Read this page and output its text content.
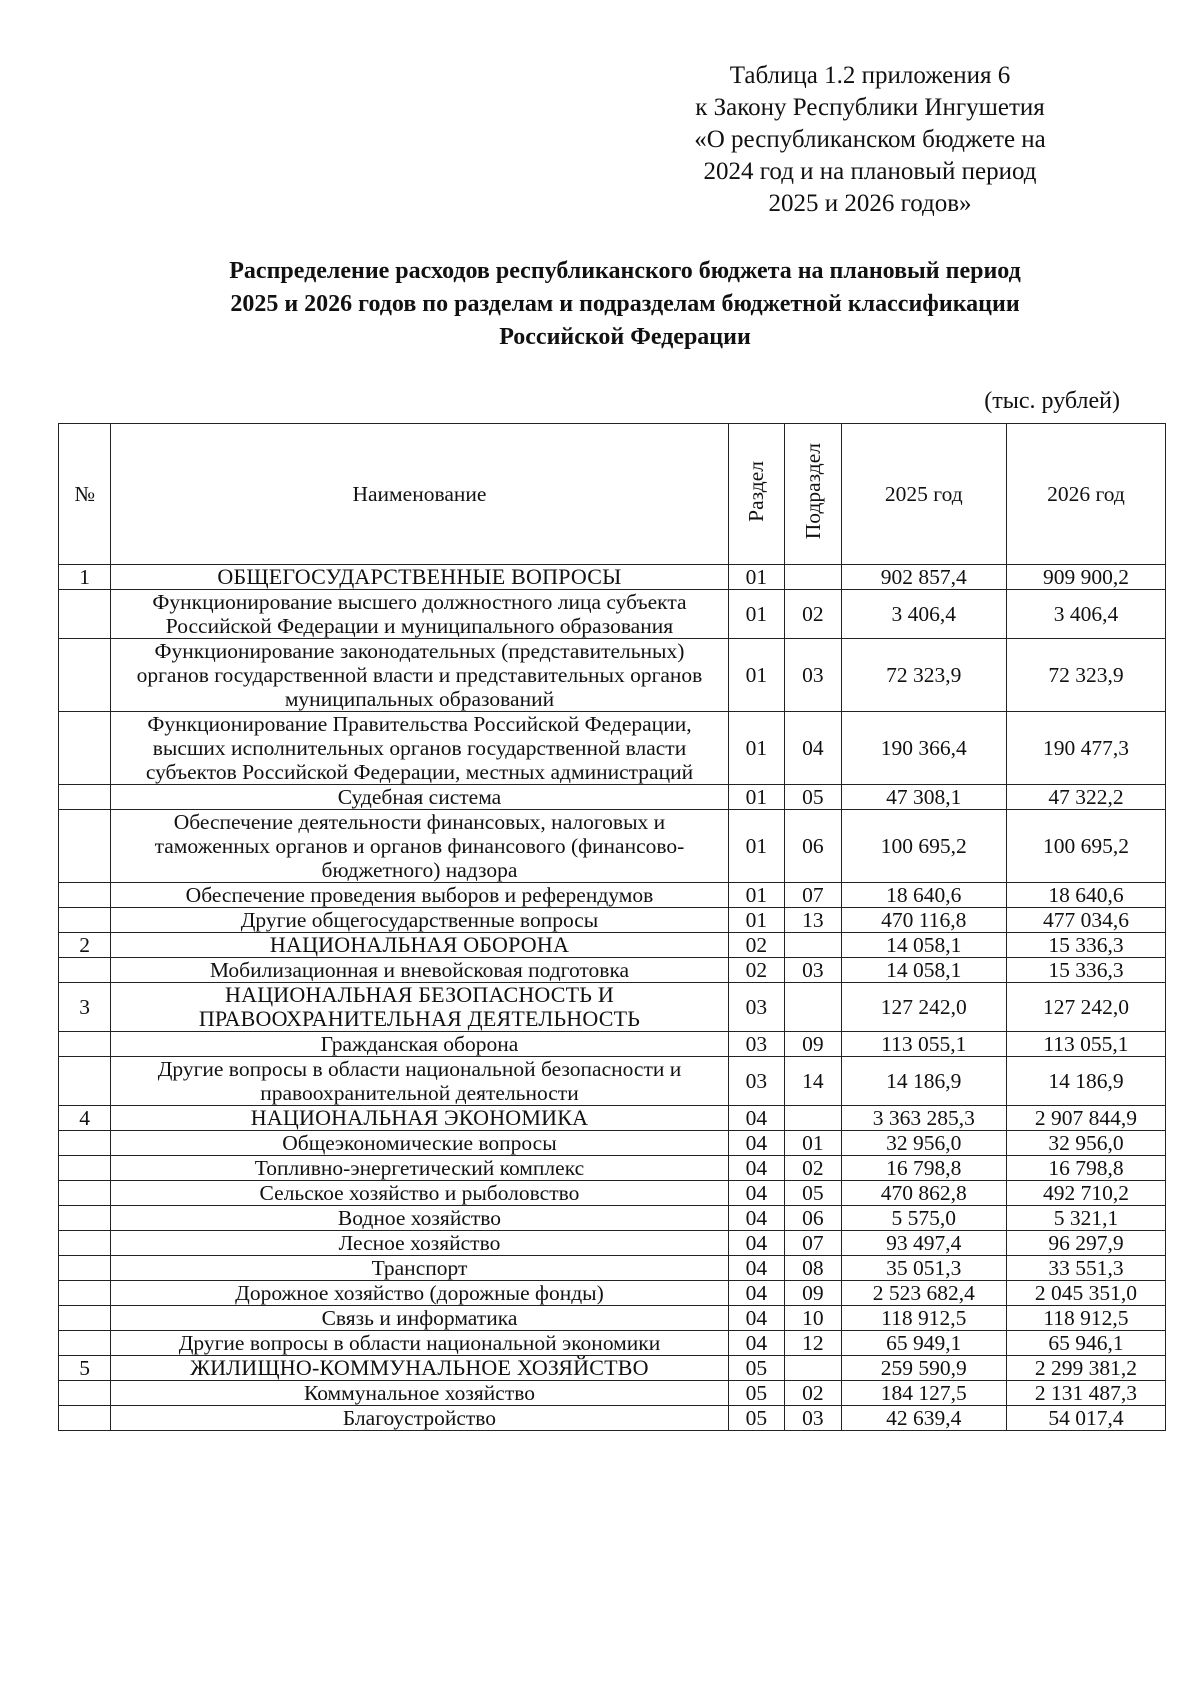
Таблица 1.2 приложения 6
к Закону Республики Ингушетия
«О республиканском бюджете на
2024 год и на плановый период
2025 и 2026 годов»
Распределение расходов республиканского бюджета на плановый период
2025 и 2026 годов по разделам и подразделам бюджетной классификации
Российской Федерации
(тыс. рублей)
№	Наименование	Раздел	Подраздел	2025 год	2026 год
1	ОБЩЕГОСУДАРСТВЕННЫЕ ВОПРОСЫ	01		902 857,4	909 900,2
	Функционирование высшего должностного лица субъекта Российской Федерации и муниципального образования	01	02	3 406,4	3 406,4
	Функционирование законодательных (представительных) органов государственной власти и представительных органов муниципальных образований	01	03	72 323,9	72 323,9
	Функционирование Правительства Российской Федерации, высших исполнительных органов государственной власти субъектов Российской Федерации, местных администраций	01	04	190 366,4	190 477,3
	Судебная система	01	05	47 308,1	47 322,2
	Обеспечение деятельности финансовых, налоговых и таможенных органов и органов финансового (финансово-бюджетного) надзора	01	06	100 695,2	100 695,2
	Обеспечение проведения выборов и референдумов	01	07	18 640,6	18 640,6
	Другие общегосударственные вопросы	01	13	470 116,8	477 034,6
2	НАЦИОНАЛЬНАЯ ОБОРОНА	02		14 058,1	15 336,3
	Мобилизационная и вневойсковая подготовка	02	03	14 058,1	15 336,3
3	НАЦИОНАЛЬНАЯ БЕЗОПАСНОСТЬ И ПРАВООХРАНИТЕЛЬНАЯ ДЕЯТЕЛЬНОСТЬ	03		127 242,0	127 242,0
	Гражданская оборона	03	09	113 055,1	113 055,1
	Другие вопросы в области национальной безопасности и правоохранительной деятельности	03	14	14 186,9	14 186,9
4	НАЦИОНАЛЬНАЯ ЭКОНОМИКА	04		3 363 285,3	2 907 844,9
	Общеэкономические вопросы	04	01	32 956,0	32 956,0
	Топливно-энергетический комплекс	04	02	16 798,8	16 798,8
	Сельское хозяйство и рыболовство	04	05	470 862,8	492 710,2
	Водное хозяйство	04	06	5 575,0	5 321,1
	Лесное хозяйство	04	07	93 497,4	96 297,9
	Транспорт	04	08	35 051,3	33 551,3
	Дорожное хозяйство (дорожные фонды)	04	09	2 523 682,4	2 045 351,0
	Связь и информатика	04	10	118 912,5	118 912,5
	Другие вопросы в области национальной экономики	04	12	65 949,1	65 946,1
5	ЖИЛИЩНО-КОММУНАЛЬНОЕ ХОЗЯЙСТВО	05		259 590,9	2 299 381,2
	Коммунальное хозяйство	05	02	184 127,5	2 131 487,3
	Благоустройство	05	03	42 639,4	54 017,4
